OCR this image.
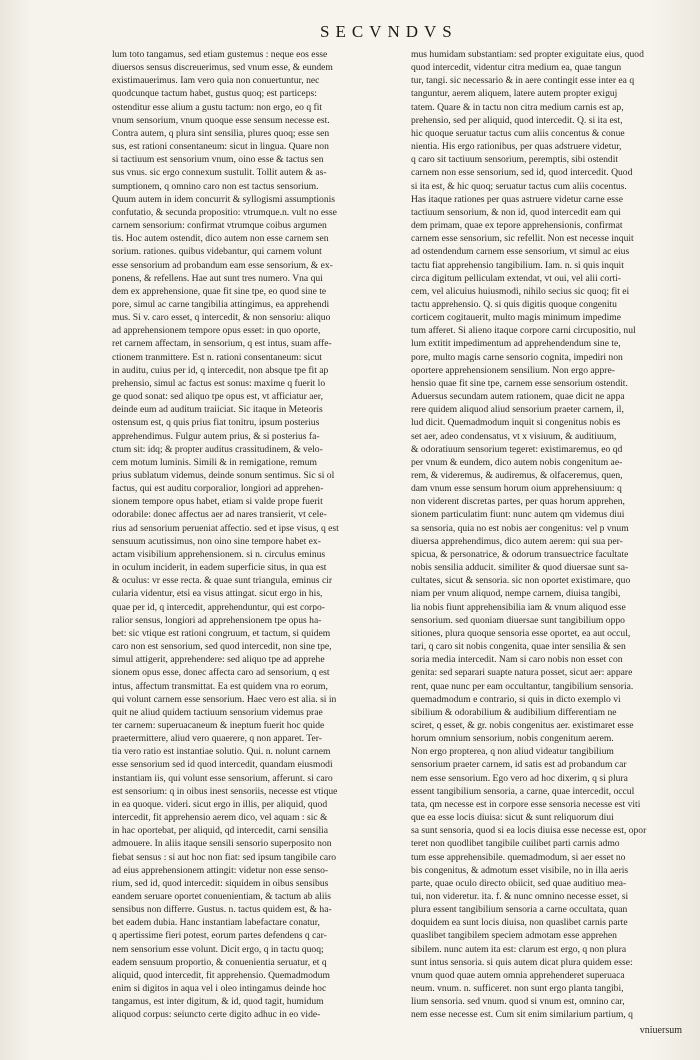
SECVNDVS
lum toto tangamus, sed etiam gustemus : neque eos esse
diuersos sensus discreuerimus, sed vnum esse, & eundem
existimauerimus. Iam vero quia non conuertuntur, nec
quodcunque tactum habet, gustus quoq; est particeps:
ostenditur esse alium a gustu tactum: non ergo, eo q fit
vnum sensorium, vnum quoque esse sensum necesse est.
Contra autem, q plura sint sensilia, plures quoq; esse sen
sus, est rationi consentaneum: sicut in lingua. Quare non
si tactiuum est sensorium vnum, oino esse & tactus sen
sus vnus. sic ergo connexum sustulit. Tollit autem & as-
sumptionem, q omnino caro non est tactus sensorium.
Quum autem in idem concurrit & syllogismi assumptionis
confutatio, & secunda propositio: vtrumque.n. vult no esse
carnem sensorium: confirmat vtrumque coibus argumen
tis. Hoc autem ostendit, dico autem non esse carnem sen
sorium. rationes. quibus videbantur, qui carnem volunt
esse sensorium ad probandum eam esse sensorium, & ex-
ponens, & refellens. Hae aut sunt tres numero. Vna qui
dem ex apprehensione, quae fit sine tpe, eo quod sine te
pore, simul ac carne tangibilia attingimus, ea apprehendi
mus. Si v. caro esset, q intercedit, & non sensoriu: aliquo
ad apprehensionem tempore opus esset: in quo oporte,
ret carnem affectam, in sensorium, q est intus, suam affe-
ctionem tranmittere. Est n. rationi consentaneum: sicut
in auditu, cuius per id, q intercedit, non absque tpe fit ap
prehensio, simul ac factus est sonus: maxime q fuerit lo
ge quod sonat: sed aliquo tpe opus est, vt afficiatur aer,
deinde eum ad auditum traiiciat. Sic itaque in Meteoris
ostensum est, q quis prius fiat tonitru, ipsum posterius
apprehendimus. Fulgur autem prius, & si posterius fa-
ctum sit: idq; & propter auditus crassitudinem, & velo-
cem motum luminis. Simili & in remigatione, remum
prius sublatum videmus, deinde sonum sentimus. Sic si ol
factus, qui est auditu corporalior, longiori ad apprehen-
sionem tempore opus habet, etiam si valde prope fuerit
odorabile: donec affectus aer ad nares transierit, vt cele-
rius ad sensorium perueniat affectio. sed et ipse visus, q est
sensuum acutissimus, non oino sine tempore habet ex-
actam visibilium apprehensionem. si n. circulus eminus
in oculum inciderit, in eadem superficie situs, in qua est
& oculus: vr esse recta. & quae sunt triangula, eminus cir
cularia videntur, etsi ea visus attingat. sicut ergo in his,
quae per id, q intercedit, apprehenduntur, qui est corpo-
ralior sensus, longiori ad apprehensionem tpe opus ha-
bet: sic vtique est rationi congruum, et tactum, si quidem
caro non est sensorium, sed quod intercedit, non sine tpe,
simul attigerit, apprehendere: sed aliquo tpe ad apprehe
sionem opus esse, donec affecta caro ad sensorium, q est
intus, affectum transmittat. Ea est quidem vna ro eorum,
qui volunt carnem esse sensorium. Haec vero est alia. si in
quit ne aliud quidem tactiuum sensorium videmus prae
ter carnem: superuacaneum & ineptum fuerit hoc quide
praetermittere, aliud vero quaerere, q non apparet. Ter-
tia vero ratio est instantiae solutio. Qui. n. nolunt carnem
esse sensorium sed id quod intercedit, quandam eiusmodi
instantiam iis, qui volunt esse sensorium, afferunt. si caro
est sensorium: q in oibus inest sensoriis, necesse est vtique
in ea quoque. videri. sicut ergo in illis, per aliquid, quod
intercedit, fit apprehensio aerem dico, vel aquam : sic &
in hac oportebat, per aliquid, qd intercedit, carni sensilia
admouere. In aliis itaque sensili sensorio superposito non
fiebat sensus : si aut hoc non fiat: sed ipsum tangibile caro
ad eius apprehensionem attingit: videtur non esse senso-
rium, sed id, quod intercedit: siquidem in oibus sensibus
eandem seruare oportet conuenientiam, & tactum ab aliis
sensibus non differre. Gustus. n. tactus quidem est, & ha-
bet eadem dubia. Hanc instantiam labefactare conatur,
q apertissime fieri potest, eorum partes defendens q car-
nem sensorium esse volunt. Dicit ergo, q in tactu quoq;
eadem sensuum proportio, & conuenientia seruatur, et q
aliquid, quod intercedit, fit apprehensio. Quemadmodum
enim si digitos in aqua vel i oleo intingamus deinde hoc
tangamus, est inter digitum, & id, quod tagit, humidum
aliquod corpus: seiuncto certe digito adhuc in eo vide-
mus humidam substantiam: sed propter exiguitate eius, quod
quod intercedit, videntur citra medium ea, quae tangun
tur, tangi. sic necessario & in aere contingit esse inter ea q
tanguntur, aerem aliquem, latere autem propter exiguj
tatem. Quare & in tactu non citra medium carnis est ap,
prehensio, sed per aliquid, quod intercedit. Q. si ita est,
hic quoque seruatur tactus cum aliis concentus & conue
nientia. His ergo rationibus, per quas adstruere videtur,
q caro sit tactiuum sensorium, peremptis, sibi ostendit
carnem non esse sensorium, sed id, quod intercedit. Quod
si ita est, & hic quoq; seruatur tactus cum aliis cocentus.
Has itaque rationes per quas astruere videtur carne esse
tactiuum sensorium, & non id, quod intercedit eam qui
dem primam, quae ex tepore apprehensionis, confirmat
carnem esse sensorium, sic refellit. Non est necesse inquit
ad ostendendum carnem esse sensorium, vt simul ac eius
tactu fiat apprehensio tangibilium. Iam. n. si quis inquit
circa digitum pelliculam extendat, vt oui, vel alii corti-
cem, vel alicuius huiusmodi, nihilo secius sic quoq; fit ei
tactu apprehensio. Q. si quis digitis quoque congenitu
corticem cogitauerit, multo magis minimum impedime
tum afferet. Si alieno itaque corpore carni circupositio, nul
lum extitit impedimentum ad apprehendendum sine te,
pore, multo magis carne sensorio cognita, impediri non
oportere apprehensionem sensilium. Non ergo appre-
hensio quae fit sine tpe, carnem esse sensorium ostendit.
Aduersus secundam autem rationem, quae dicit ne appa
rere quidem aliquod aliud sensorium praeter carnem, il,
lud dicit. Quemadmodum inquit si congenitus nobis es
set aer, adeo condensatus, vt x visiuum, & auditiuum,
& odoratiuum sensorium tegeret: existimaremus, eo qd
per vnum & eundem, dico autem nobis congenitum ae-
rem, & videremus, & audiremus, & olfaceremus, quen,
dam vnum esse sensum horum oium apprehensiuum: q
non viderent discretas partes, per quas horum apprehen,
sionem particulatim fiunt: nunc autem qm videmus diui
sa sensoria, quia no est nobis aer congenitus: vel p vnum
diuersa apprehendimus, dico autem aerem: qui sua per-
spicua, & personatrice, & odorum transuectrice facultate
nobis sensilia adducit. similiter & quod diuersae sunt sa-
cultates, sicut & sensoria. sic non oportet existimare, quo
niam per vnum aliquod, nempe carnem, diuisa tangibi,
lia nobis fiunt apprehensibilia iam & vnum aliquod esse
sensorium. sed quoniam diuersae sunt tangibilium oppo
sitiones, plura quoque sensoria esse oportet, ea aut occul,
tari, q caro sit nobis congenita, quae inter sensilia & sen
soria media intercedit. Nam si caro nobis non esset con
genita: sed separari suapte natura posset, sicut aer: appare
rent, quae nunc per eam occultantur, tangibilium sensoria.
quemadmodum e contrario, si quis in dicto exemplo vi
sibilium & odorabilium & audibilium differentiam ne
sciret, q esset, & gr. nobis congenitus aer. existimaret esse
horum omnium sensorium, nobis congenitum aerem.
Non ergo propterea, q non aliud videatur tangibilium
sensorium praeter carnem, id satis est ad probandum car
nem esse sensorium. Ego vero ad hoc dixerim, q si plura
essent tangibilium sensoria, a carne, quae intercedit, occul
tata, qm necesse est in corpore esse sensoria necesse est viti
que ea esse locis diuisa: sicut & sunt reliquorum diui
sa sunt sensoria, quod si ea locis diuisa esse necesse est, opor
teret non quodlibet tangibile cuilibet parti carnis admo
tum esse apprehensibile. quemadmodum, si aer esset no
bis congenitus, & admotum esset visibile, no in illa aeris
parte, quae oculo directo obiicit, sed quae auditiuo mea-
tui, non videretur. ita. f. & nunc omnino necesse esset, si
plura essent tangibilium sensoria a carne occultata, quan
doquidem ea sunt locis diuisa, non quaslibet carnis parte
quaslibet tangibilem speciem admotam esse apprehen
sibilem. nunc autem ita est: clarum est ergo, q non plura
sunt intus sensoria. si quis autem dicat plura quidem esse:
vnum quod quae autem omnia apprehenderet superuaca
neum. vnum. n. sufficeret. non sunt ergo planta tangibi,
lium sensoria. sed vnum. quod si vnum est, omnino car,
nem esse necesse est. Cum sit enim similarium partium, q
vniuersum
